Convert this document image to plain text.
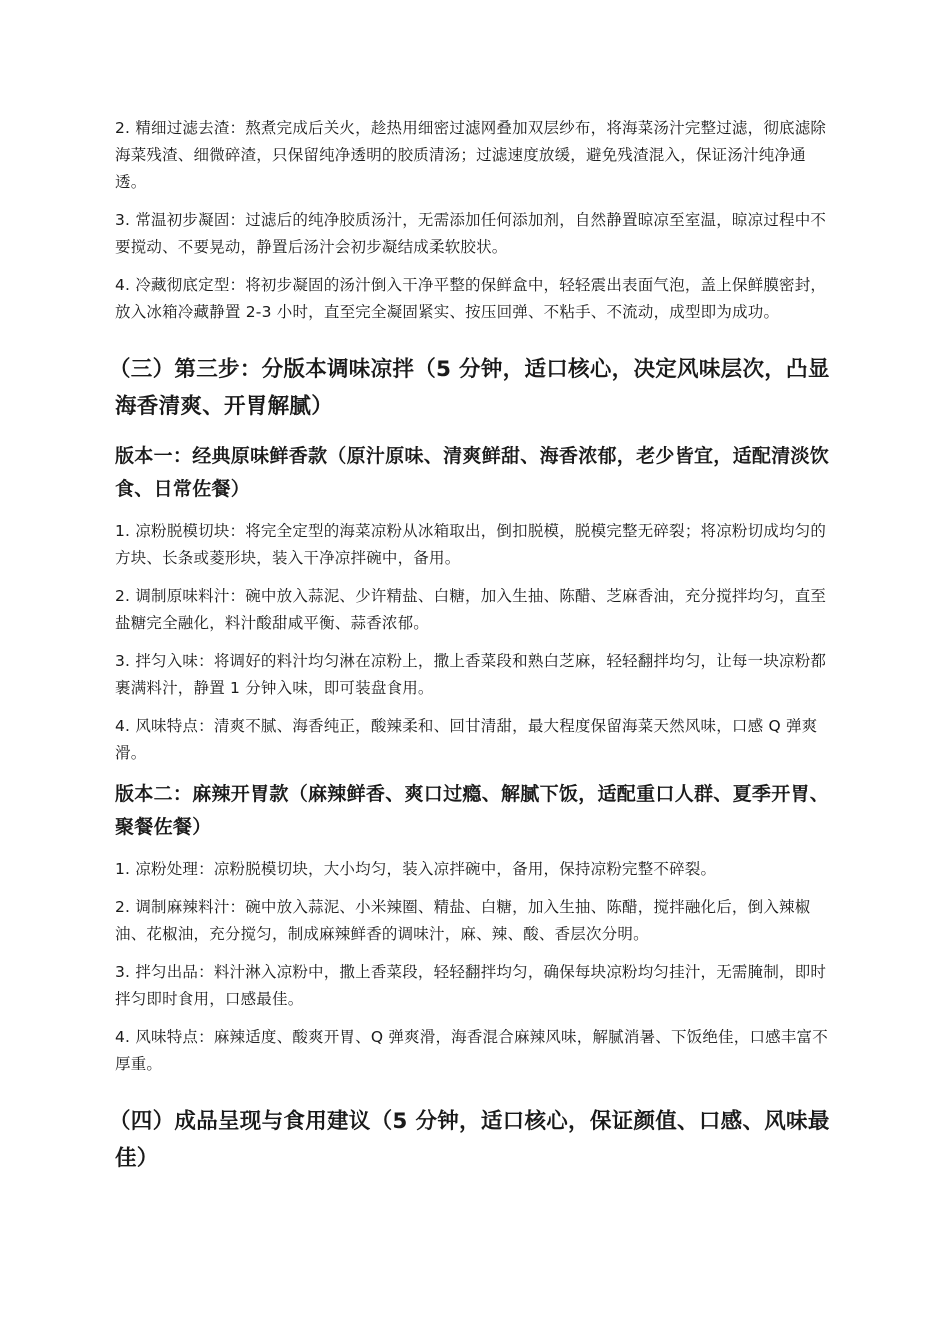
2. 精细过滤去渣：熬煮完成后关火，趁热用细密过滤网叠加双层纱布，将海菜汤汁完整过滤，彻底滤除海菜残渣、细微碎渣，只保留纯净透明的胶质清汤；过滤速度放缓，避免残渣混入，保证汤汁纯净通透。

3. 常温初步凝固：过滤后的纯净胶质汤汁，无需添加任何添加剂，自然静置晾凉至室温，晾凉过程中不要搅动、不要晃动，静置后汤汁会初步凝结成柔软胶状。

4. 冷藏彻底定型：将初步凝固的汤汁倒入干净平整的保鲜盒中，轻轻震出表面气泡，盖上保鲜膜密封，放入冰箱冷藏静置 2-3 小时，直至完全凝固紧实、按压回弹、不粘手、不流动，成型即为成功。

（三）第三步：分版本调味凉拌（5 分钟，适口核心，决定风味层次，凸显海香清爽、开胃解腻）
版本一：经典原味鲜香款（原汁原味、清爽鲜甜、海香浓郁，老少皆宜，适配清淡饮食、日常佐餐）

1. 凉粉脱模切块：将完全定型的海菜凉粉从冰箱取出，倒扣脱模，脱模完整无碎裂；将凉粉切成均匀的方块、长条或菱形块，装入干净凉拌碗中，备用。

2. 调制原味料汁：碗中放入蒜泥、少许精盐、白糖，加入生抽、陈醋、芝麻香油，充分搅拌均匀，直至盐糖完全融化，料汁酸甜咸平衡、蒜香浓郁。

3. 拌匀入味：将调好的料汁均匀淋在凉粉上，撒上香菜段和熟白芝麻，轻轻翻拌均匀，让每一块凉粉都裹满料汁，静置 1 分钟入味，即可装盘食用。

4. 风味特点：清爽不腻、海香纯正，酸辣柔和、回甘清甜，最大程度保留海菜天然风味，口感 Q 弹爽滑。

版本二：麻辣开胃款（麻辣鲜香、爽口过瘾、解腻下饭，适配重口人群、夏季开胃、聚餐佐餐）

1. 凉粉处理：凉粉脱模切块，大小均匀，装入凉拌碗中，备用，保持凉粉完整不碎裂。

2. 调制麻辣料汁：碗中放入蒜泥、小米辣圈、精盐、白糖，加入生抽、陈醋，搅拌融化后，倒入辣椒油、花椒油，充分搅匀，制成麻辣鲜香的调味汁，麻、辣、酸、香层次分明。

3. 拌匀出品：料汁淋入凉粉中，撒上香菜段，轻轻翻拌均匀，确保每块凉粉均匀挂汁，无需腌制，即时拌匀即时食用，口感最佳。

4. 风味特点：麻辣适度、酸爽开胃、Q 弹爽滑，海香混合麻辣风味，解腻消暑、下饭绝佳，口感丰富不厚重。

（四）成品呈现与食用建议（5 分钟，适口核心，保证颜值、口感、风味最佳）
